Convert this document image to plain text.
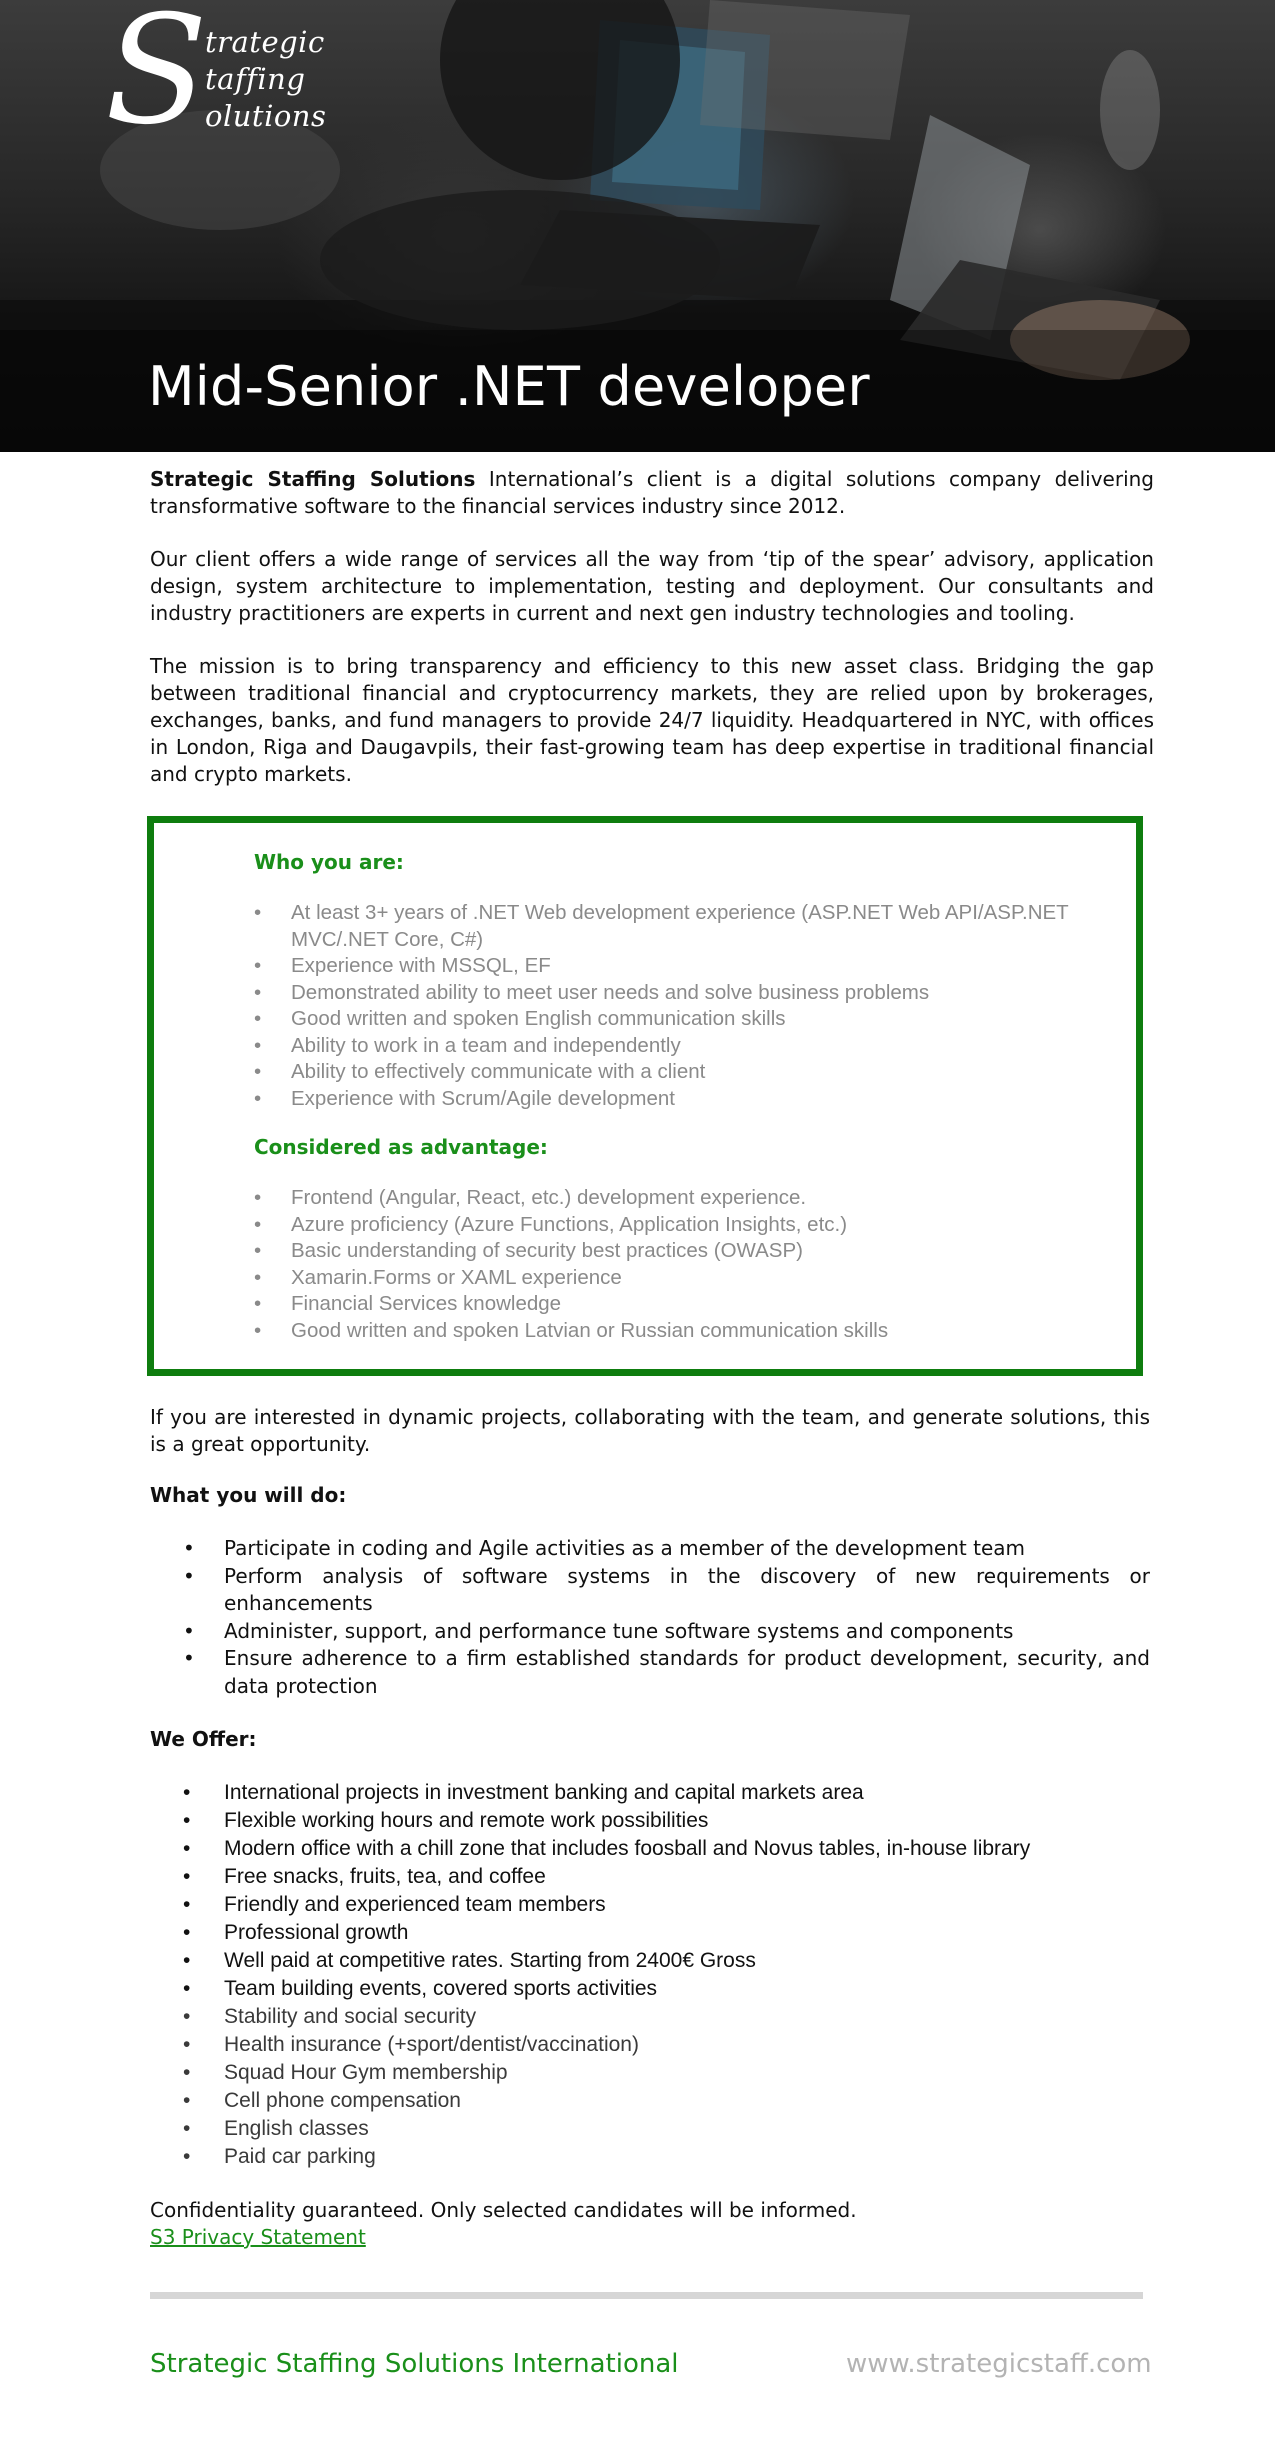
S
trategic
taffing
olutions
Mid-Senior .NET developer

Strategic Staffing Solutions International’s client is a digital solutions company delivering transformative software to the financial services industry since 2012.

Our client offers a wide range of services all the way from ‘tip of the spear’ advisory, application design, system architecture to implementation, testing and deployment. Our consultants and industry practitioners are experts in current and next gen industry technologies and tooling.

The mission is to bring transparency and efficiency to this new asset class. Bridging the gap between traditional financial and cryptocurrency markets, they are relied upon by brokerages, exchanges, banks, and fund managers to provide 24/7 liquidity. Headquartered in NYC, with offices in London, Riga and Daugavpils, their fast-growing team has deep expertise in traditional financial and crypto markets.

Who you are:
• At least 3+ years of .NET Web development experience (ASP.NET Web API/ASP.NET MVC/.NET Core, C#)
• Experience with MSSQL, EF
• Demonstrated ability to meet user needs and solve business problems
• Good written and spoken English communication skills
• Ability to work in a team and independently
• Ability to effectively communicate with a client
• Experience with Scrum/Agile development
Considered as advantage:
• Frontend (Angular, React, etc.) development experience.
• Azure proficiency (Azure Functions, Application Insights, etc.)
• Basic understanding of security best practices (OWASP)
• Xamarin.Forms or XAML experience
• Financial Services knowledge
• Good written and spoken Latvian or Russian communication skills

If you are interested in dynamic projects, collaborating with the team, and generate solutions, this is a great opportunity.

What you will do:
• Participate in coding and Agile activities as a member of the development team
• Perform analysis of software systems in the discovery of new requirements or enhancements
• Administer, support, and performance tune software systems and components
• Ensure adherence to a firm established standards for product development, security, and data protection
We Offer:
• International projects in investment banking and capital markets area
• Flexible working hours and remote work possibilities
• Modern office with a chill zone that includes foosball and Novus tables, in-house library
• Free snacks, fruits, tea, and coffee
• Friendly and experienced team members
• Professional growth
• Well paid at competitive rates. Starting from 2400€ Gross
• Team building events, covered sports activities
• Stability and social security
• Health insurance (+sport/dentist/vaccination)
• Squad Hour Gym membership
• Cell phone compensation
• English classes
• Paid car parking

Confidentiality guaranteed. Only selected candidates will be informed.

S3 Privacy Statement
Strategic Staffing Solutions International	www.strategicstaff.com
